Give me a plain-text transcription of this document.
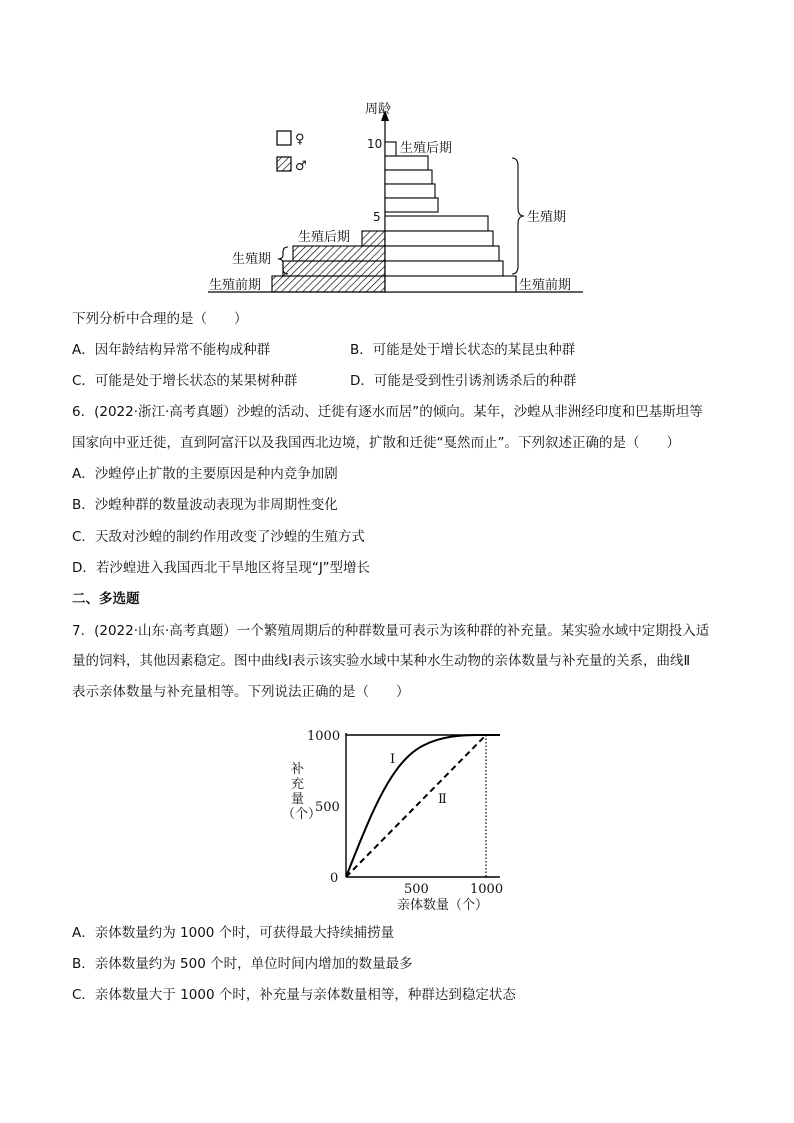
♀
♂
周龄
10
5
生殖后期
生殖期
生殖前期
生殖后期
生殖期
生殖前期
下列分析中合理的是（　　）
A．因年龄结构异常不能构成种群	B．可能是处于增长状态的某昆虫种群
C．可能是处于增长状态的某果树种群	D．可能是受到性引诱剂诱杀后的种群
6．(2022·浙江·高考真题）沙蝗的活动、迁徙有逐水而居”的倾向。某年，沙蝗从非洲经印度和巴基斯坦等
国家向中亚迁徙，直到阿富汗以及我国西北边境，扩散和迁徙“戛然而止”。下列叙述正确的是（　　）
A．沙蝗停止扩散的主要原因是种内竞争加剧
B．沙蝗种群的数量波动表现为非周期性变化
C．天敌对沙蝗的制约作用改变了沙蝗的生殖方式
D．若沙蝗进入我国西北干旱地区将呈现“J”型增长
二、多选题
7．(2022·山东·高考真题）一个繁殖周期后的种群数量可表示为该种群的补充量。某实验水域中定期投入适
量的饲料，其他因素稳定。图中曲线Ⅰ表示该实验水域中某种水生动物的亲体数量与补充量的关系，曲线Ⅱ
表示亲体数量与补充量相等。下列说法正确的是（　　）
Ⅰ
Ⅱ
1000
500
0
500	1000
亲体数量（个）
补
充
量
（个）
A．亲体数量约为 1000 个时，可获得最大持续捕捞量
B．亲体数量约为 500 个时，单位时间内增加的数量最多
C．亲体数量大于 1000 个时，补充量与亲体数量相等，种群达到稳定状态
